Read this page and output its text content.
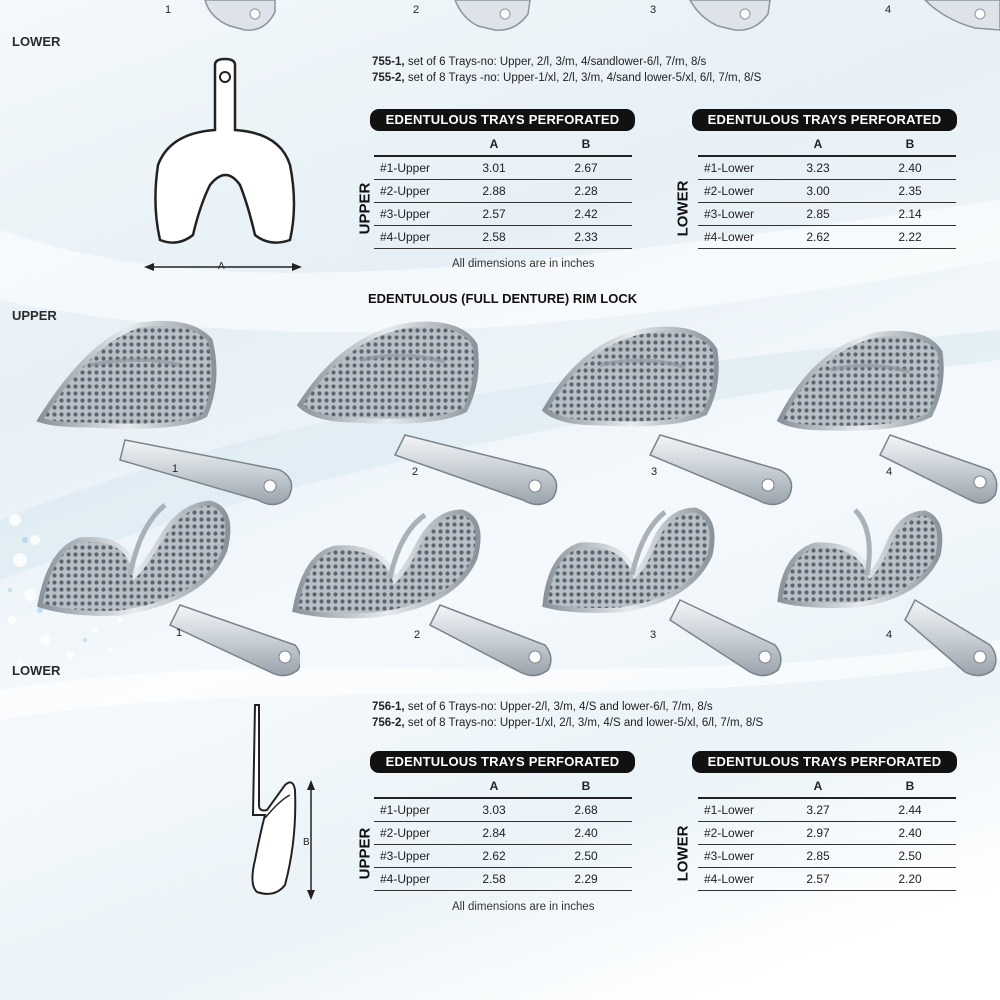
1	2	3	4
LOWER
755-1, set of 6 Trays-no: Upper, 2/l, 3/m, 4/sandlower-6/l, 7/m, 8/s
755-2, set of 8 Trays -no: Upper-1/xl, 2/l, 3/m, 4/sand lower-5/xl, 6/l, 7/m, 8/S
A
EDENTULOUS TRAYS PERFORATED
UPPER
	A	B
#1-Upper	3.01	2.67
#2-Upper	2.88	2.28
#3-Upper	2.57	2.42
#4-Upper	2.58	2.33
EDENTULOUS TRAYS PERFORATED
LOWER
	A	B
#1-Lower	3.23	2.40
#2-Lower	3.00	2.35
#3-Lower	2.85	2.14
#4-Lower	2.62	2.22
All dimensions are in inches
EDENTULOUS (FULL DENTURE) RIM LOCK
UPPER
1	2	3	4
1	2	3	4
LOWER
756-1, set of 6 Trays-no: Upper-2/l, 3/m, 4/S and lower-6/l, 7/m, 8/s
756-2, set of 8 Trays-no: Upper-1/xl, 2/l, 3/m, 4/S and lower-5/xl, 6/l, 7/m, 8/S
B
EDENTULOUS TRAYS PERFORATED
UPPER
	A	B
#1-Upper	3.03	2.68
#2-Upper	2.84	2.40
#3-Upper	2.62	2.50
#4-Upper	2.58	2.29
EDENTULOUS TRAYS PERFORATED
LOWER
	A	B
#1-Lower	3.27	2.44
#2-Lower	2.97	2.40
#3-Lower	2.85	2.50
#4-Lower	2.57	2.20
All dimensions are in inches
